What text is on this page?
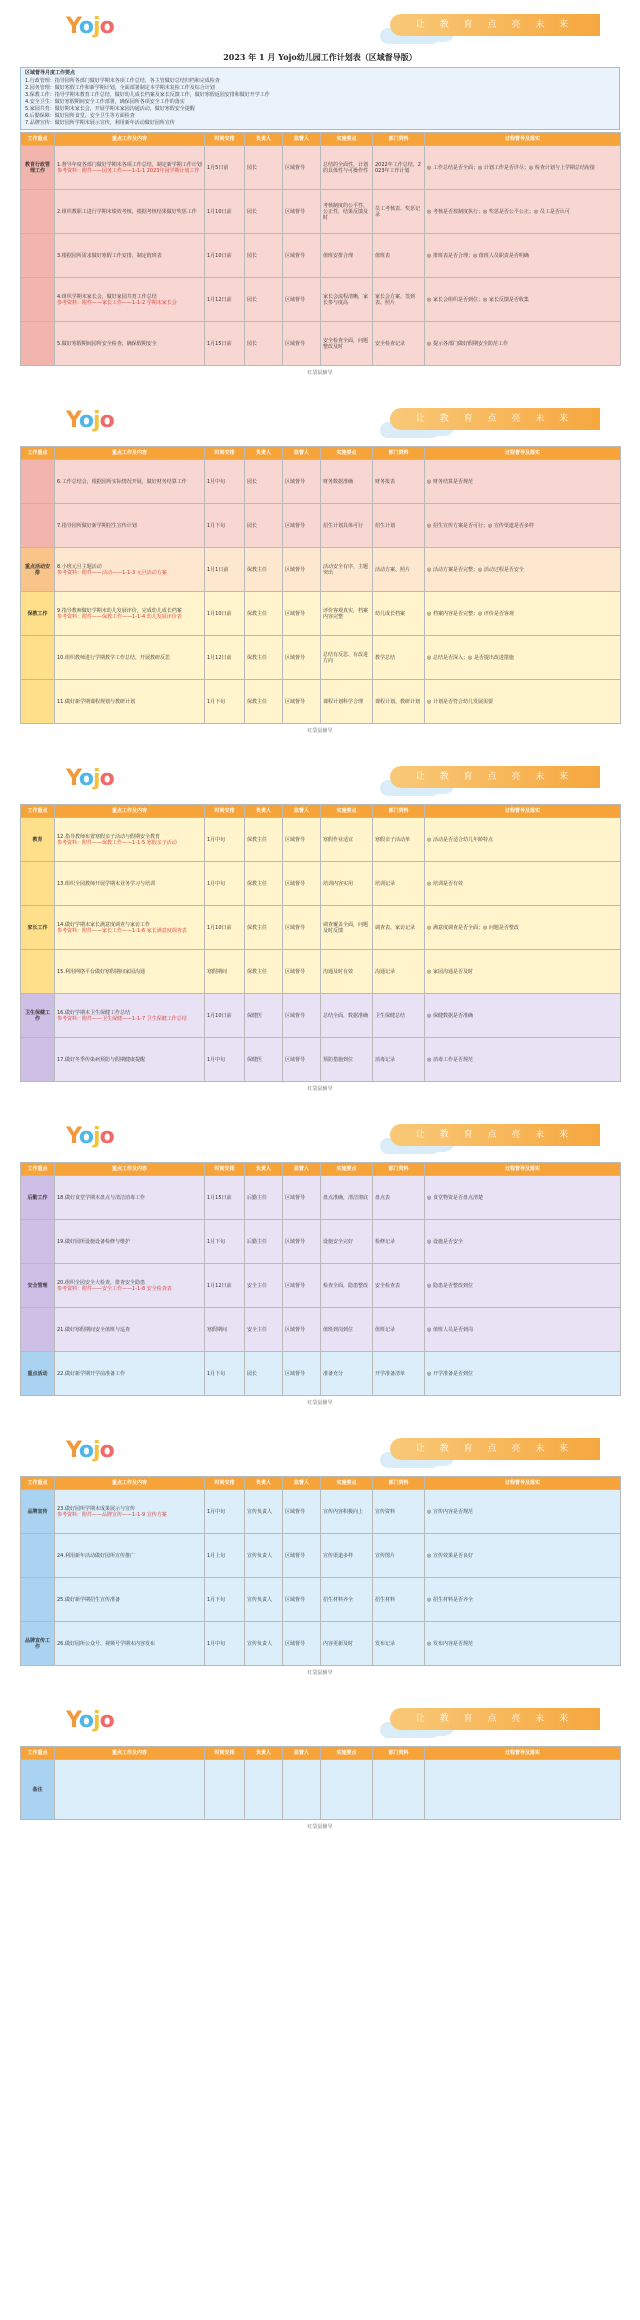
Yojo	让 教 育 点 亮 未 来
2023 年 1 月 Yojo幼儿园工作计划表（区域督导版）
区域督导月度工作要点
1.行政管理：指导园所各部门做好学期末各项工作总结，各主管做好总结归档和完成检查
2.园务管理：做好寒假工作和新学期计划，全面部署制定本学期末复检工作及综合计划
3.保教工作：指导学期末教育工作总结，做好幼儿成长档案及家长反馈工作，做好寒假返园安排和做好开学工作
4.安全卫生：做好寒假期间安全工作部署，确保园所各项安全工作的落实
5.家园共育：做好期末家长会，开展学期末家园沟通活动，做好寒假安全提醒
6.后勤保障：做好园所食堂、安全卫生等方面检查
7.品牌宣传：做好园所学期末展示宣传，利用新年活动做好园所宣传
工作重点	重点工作及内容	时间安排	负责人	监督人	实施要点	部门资料	过程督导及落实
教育行政管理工作	1.督导年度各部门做好学期末各项工作总结，制定新学期工作计划
参考资料：附件——园务工作——1-1-1 2023年园学期计划工作	1月5日前	园长	区域督导	总结的全面性，计划的具体性与可操作性	2022年工作总结，2023年工作计划	◎ 工作总结是否全面；◎ 计划工作是否详尽；◎ 检查计划与上学期总结衔接

	2.组织教职工进行学期末绩效考核，根据考核结果做好奖惩工作	1月10日前	园长	区域督导	考核制度的公平性、公正性，结果反馈及时	员工考核表、奖惩记录	◎ 考核是否按制度执行；◎ 奖惩是否公平公正；◎ 员工是否认可

	3.根据园所需求做好寒假工作安排，制定值班表	1月10日前	园长	区域督导	值班安排合理	值班表	◎ 排班表是否合理；◎ 值班人员职责是否明确

	4.组织学期末家长会，做好家园共育工作总结
参考资料：附件——家长工作——1-1-2 学期末家长会	1月12日前	园长	区域督导	家长会流程清晰，家长参与度高	家长会方案、签到表、照片	◎ 家长会组织是否到位；◎ 家长反馈是否收集

	5.做好寒假期间园所安全检查，确保假期安全	1月15日前	园长	区域督导	安全检查全面，问题整改及时	安全检查记录	◎ 提示各部门做好假期安全防范工作
红袋鼠辅导
Yojo	让 教 育 点 亮 未 来
工作重点	重点工作及内容	时间安排	负责人	监督人	实施要点	部门资料	过程督导及落实

	6.工作总结会，根据园所实际情况开展，做好财务结算工作	1月中旬	园长	区域督导	财务数据准确	财务报表	◎ 财务结算是否规范

	7.指导园所做好新学期招生宣传计划	1月下旬	园长	区域督导	招生计划具体可行	招生计划	◎ 招生宣传方案是否可行；◎ 宣传渠道是否多样
重点活动安排	8.小班元旦主题活动
参考资料：附件——活动——1-1-3 元旦活动方案	1月1日前	保教主任	区域督导	活动安全有序，主题突出	活动方案、照片	◎ 活动方案是否完整；◎ 活动过程是否安全
保教工作	9.指导教师做好学期末幼儿发展评价，完成幼儿成长档案
参考资料：附件——保教工作——1-1-4 幼儿发展评价表	1月10日前	保教主任	区域督导	评价客观真实，档案内容完整	幼儿成长档案	◎ 档案内容是否完整；◎ 评价是否客观

	10.组织教师进行学期教学工作总结，开展教研反思	1月12日前	保教主任	区域督导	总结有反思、有改进方向	教学总结	◎ 总结是否深入；◎ 是否提出改进措施

	11.做好新学期课程规划与教研计划	1月下旬	保教主任	区域督导	课程计划科学合理	课程计划、教研计划	◎ 计划是否符合幼儿发展需要
红袋鼠辅导
Yojo	让 教 育 点 亮 未 来
工作重点	重点工作及内容	时间安排	负责人	监督人	实施要点	部门资料	过程督导及落实
教育	12.指导教师布置寒假亲子活动与假期安全教育
参考资料：附件——保教工作——1-1-5 寒假亲子活动	1月中旬	保教主任	区域督导	寒假作业适宜	寒假亲子活动单	◎ 活动是否适合幼儿年龄特点

	13.组织全园教师开展学期末业务学习与培训	1月中旬	保教主任	区域督导	培训内容实用	培训记录	◎ 培训是否有效
家长工作	14.做好学期末家长满意度调查与家访工作
参考资料：附件——家长工作——1-1-6 家长满意度调查表	1月10日前	保教主任	区域督导	调查覆盖全面，问题及时反馈	调查表、家访记录	◎ 满意度调查是否全面；◎ 问题是否整改

	15.利用网络平台做好寒假期间家园沟通	寒假期间	保教主任	区域督导	沟通及时有效	沟通记录	◎ 家园沟通是否及时
卫生保健工作	16.做好学期末卫生保健工作总结
参考资料：附件——卫生保健——1-1-7 卫生保健工作总结	1月10日前	保健医	区域督导	总结全面，数据准确	卫生保健总结	◎ 保健数据是否准确

	17.做好冬季传染病预防与假期健康提醒	1月中旬	保健医	区域督导	预防措施到位	消毒记录	◎ 消毒工作是否规范
红袋鼠辅导
Yojo	让 教 育 点 亮 未 来
工作重点	重点工作及内容	时间安排	负责人	监督人	实施要点	部门资料	过程督导及落实
后勤工作	18.做好食堂学期末盘点与清洁消毒工作	1月15日前	后勤主任	区域督导	盘点准确，清洁彻底	盘点表	◎ 食堂物资是否盘点清楚

	19.做好园所设施设备检修与维护	1月下旬	后勤主任	区域督导	设施安全完好	检修记录	◎ 设施是否安全
安全管理	20.组织全园安全大检查，排查安全隐患
参考资料：附件——安全工作——1-1-8 安全检查表	1月12日前	安全主任	区域督导	检查全面，隐患整改	安全检查表	◎ 隐患是否整改到位

	21.做好寒假期间安全值班与巡查	寒假期间	安全主任	区域督导	值班到岗到位	值班记录	◎ 值班人员是否到岗
重点活动	22.做好新学期开学前准备工作	1月下旬	园长	区域督导	准备充分	开学准备清单	◎ 开学准备是否到位
红袋鼠辅导
Yojo	让 教 育 点 亮 未 来
工作重点	重点工作及内容	时间安排	负责人	监督人	实施要点	部门资料	过程督导及落实
品牌宣传	23.做好园所学期末成果展示与宣传
参考资料：附件——品牌宣传——1-1-9 宣传方案	1月中旬	宣传负责人	区域督导	宣传内容积极向上	宣传资料	◎ 宣传内容是否规范

	24.利用新年活动做好园所宣传推广	1月上旬	宣传负责人	区域督导	宣传渠道多样	宣传图片	◎ 宣传效果是否良好

	25.做好新学期招生宣传准备	1月下旬	宣传负责人	区域督导	招生材料齐全	招生材料	◎ 招生材料是否齐全
品牌宣传工作	26.做好园所公众号、视频号学期末内容发布	1月中旬	宣传负责人	区域督导	内容更新及时	发布记录	◎ 发布内容是否规范
红袋鼠辅导
Yojo	让 教 育 点 亮 未 来
工作重点	重点工作及内容	时间安排	负责人	监督人	实施要点	部门资料	过程督导及落实
备注	

红袋鼠辅导
